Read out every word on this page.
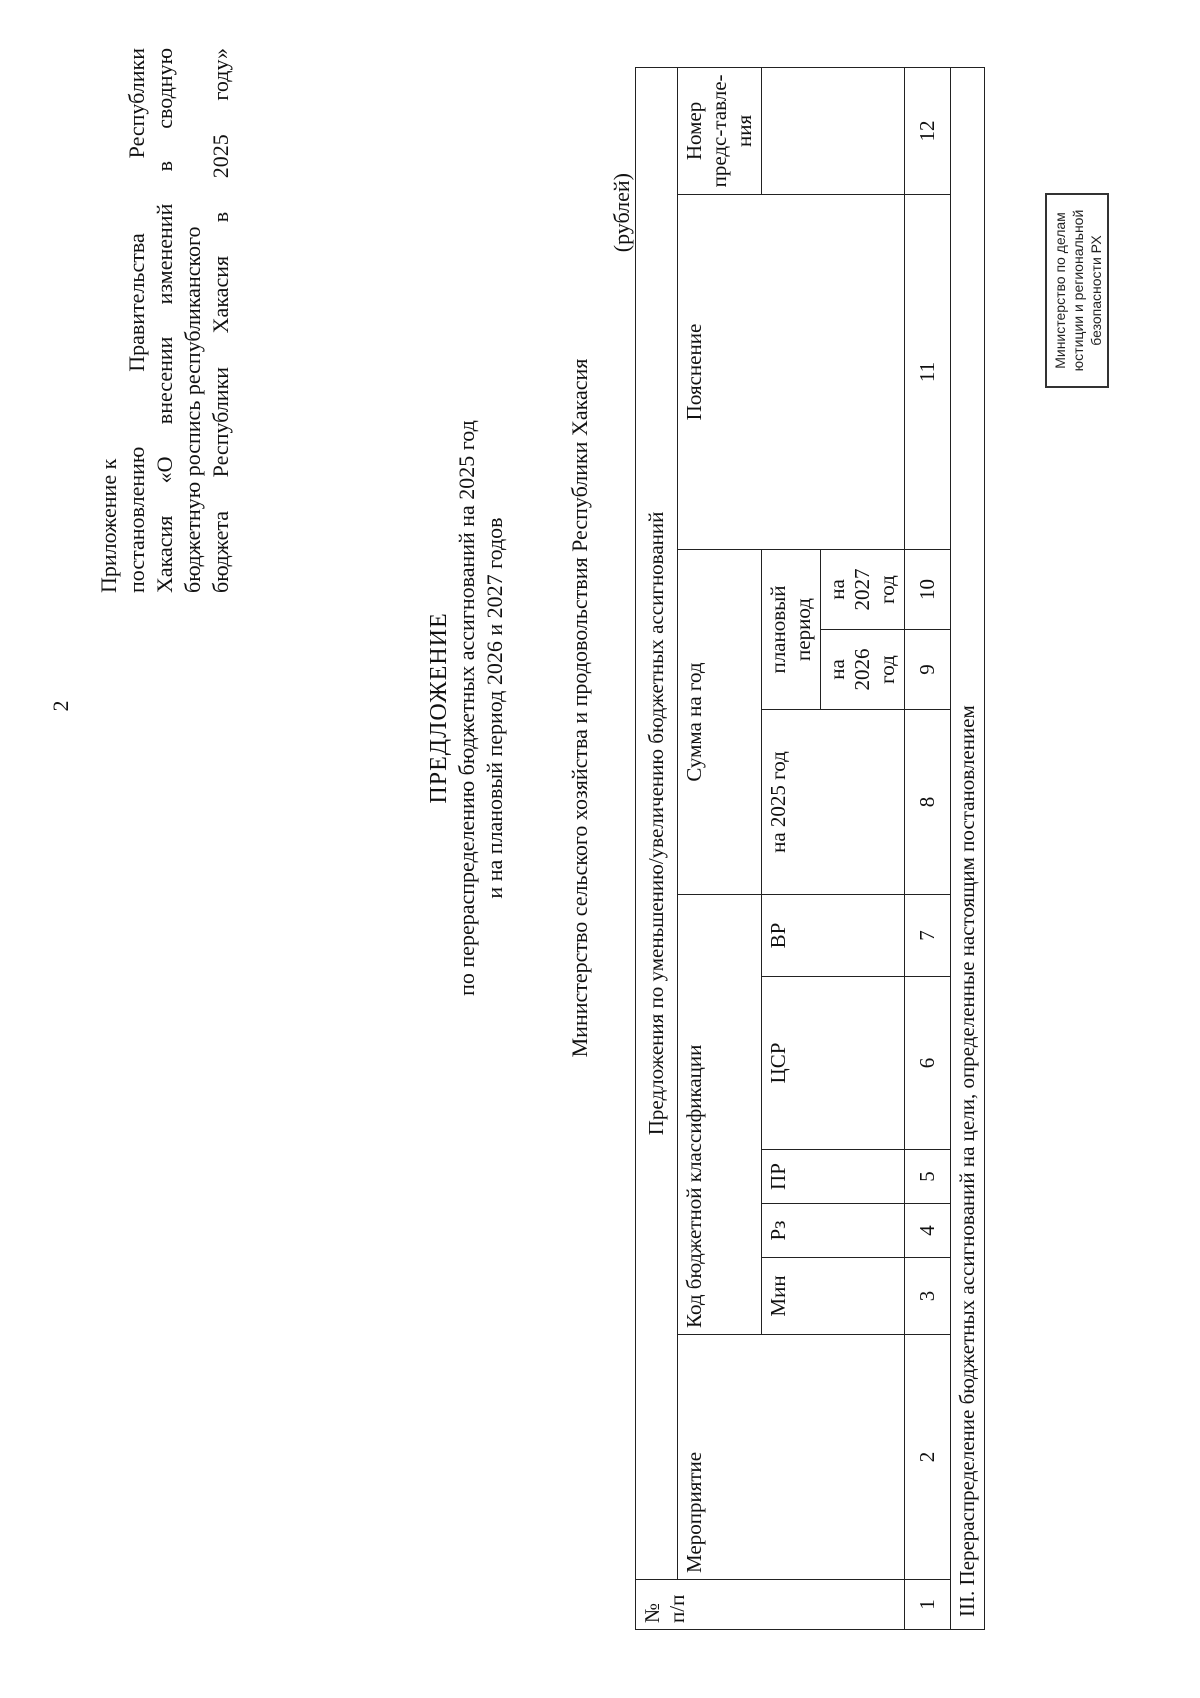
2
Приложение к постановлению Правительства Республики Хакасия «О внесении изменений в сводную бюджетную роспись республиканского бюджета Республики Хакасия в 2025 году»
ПРЕДЛОЖЕНИЕ по перераспределению бюджетных ассигнований на 2025 год и на плановый период 2026 и 2027 годов	Министерство сельского хозяйства и продовольствия Республики Хакасия
(рублей)
№ п/п	Предложения по уменьшению/увеличению бюджетных ассигнований										
	Мероприятие	Код бюджетной классификации					Сумма на год			Пояснение	Номер предс-тавле-ния
		Мин	Рз	ПР	ЦСР	ВР	на 2025 год	плановый период			
								на 2026 год	на 2027 год		
1	2	3	4	5	6	7	8	9	10	11	12
III. Перераспределение бюджетных ассигнований на цели, определенные настоящим постановлением											
Министерство по делам юстиции и региональной безопасности РХ
